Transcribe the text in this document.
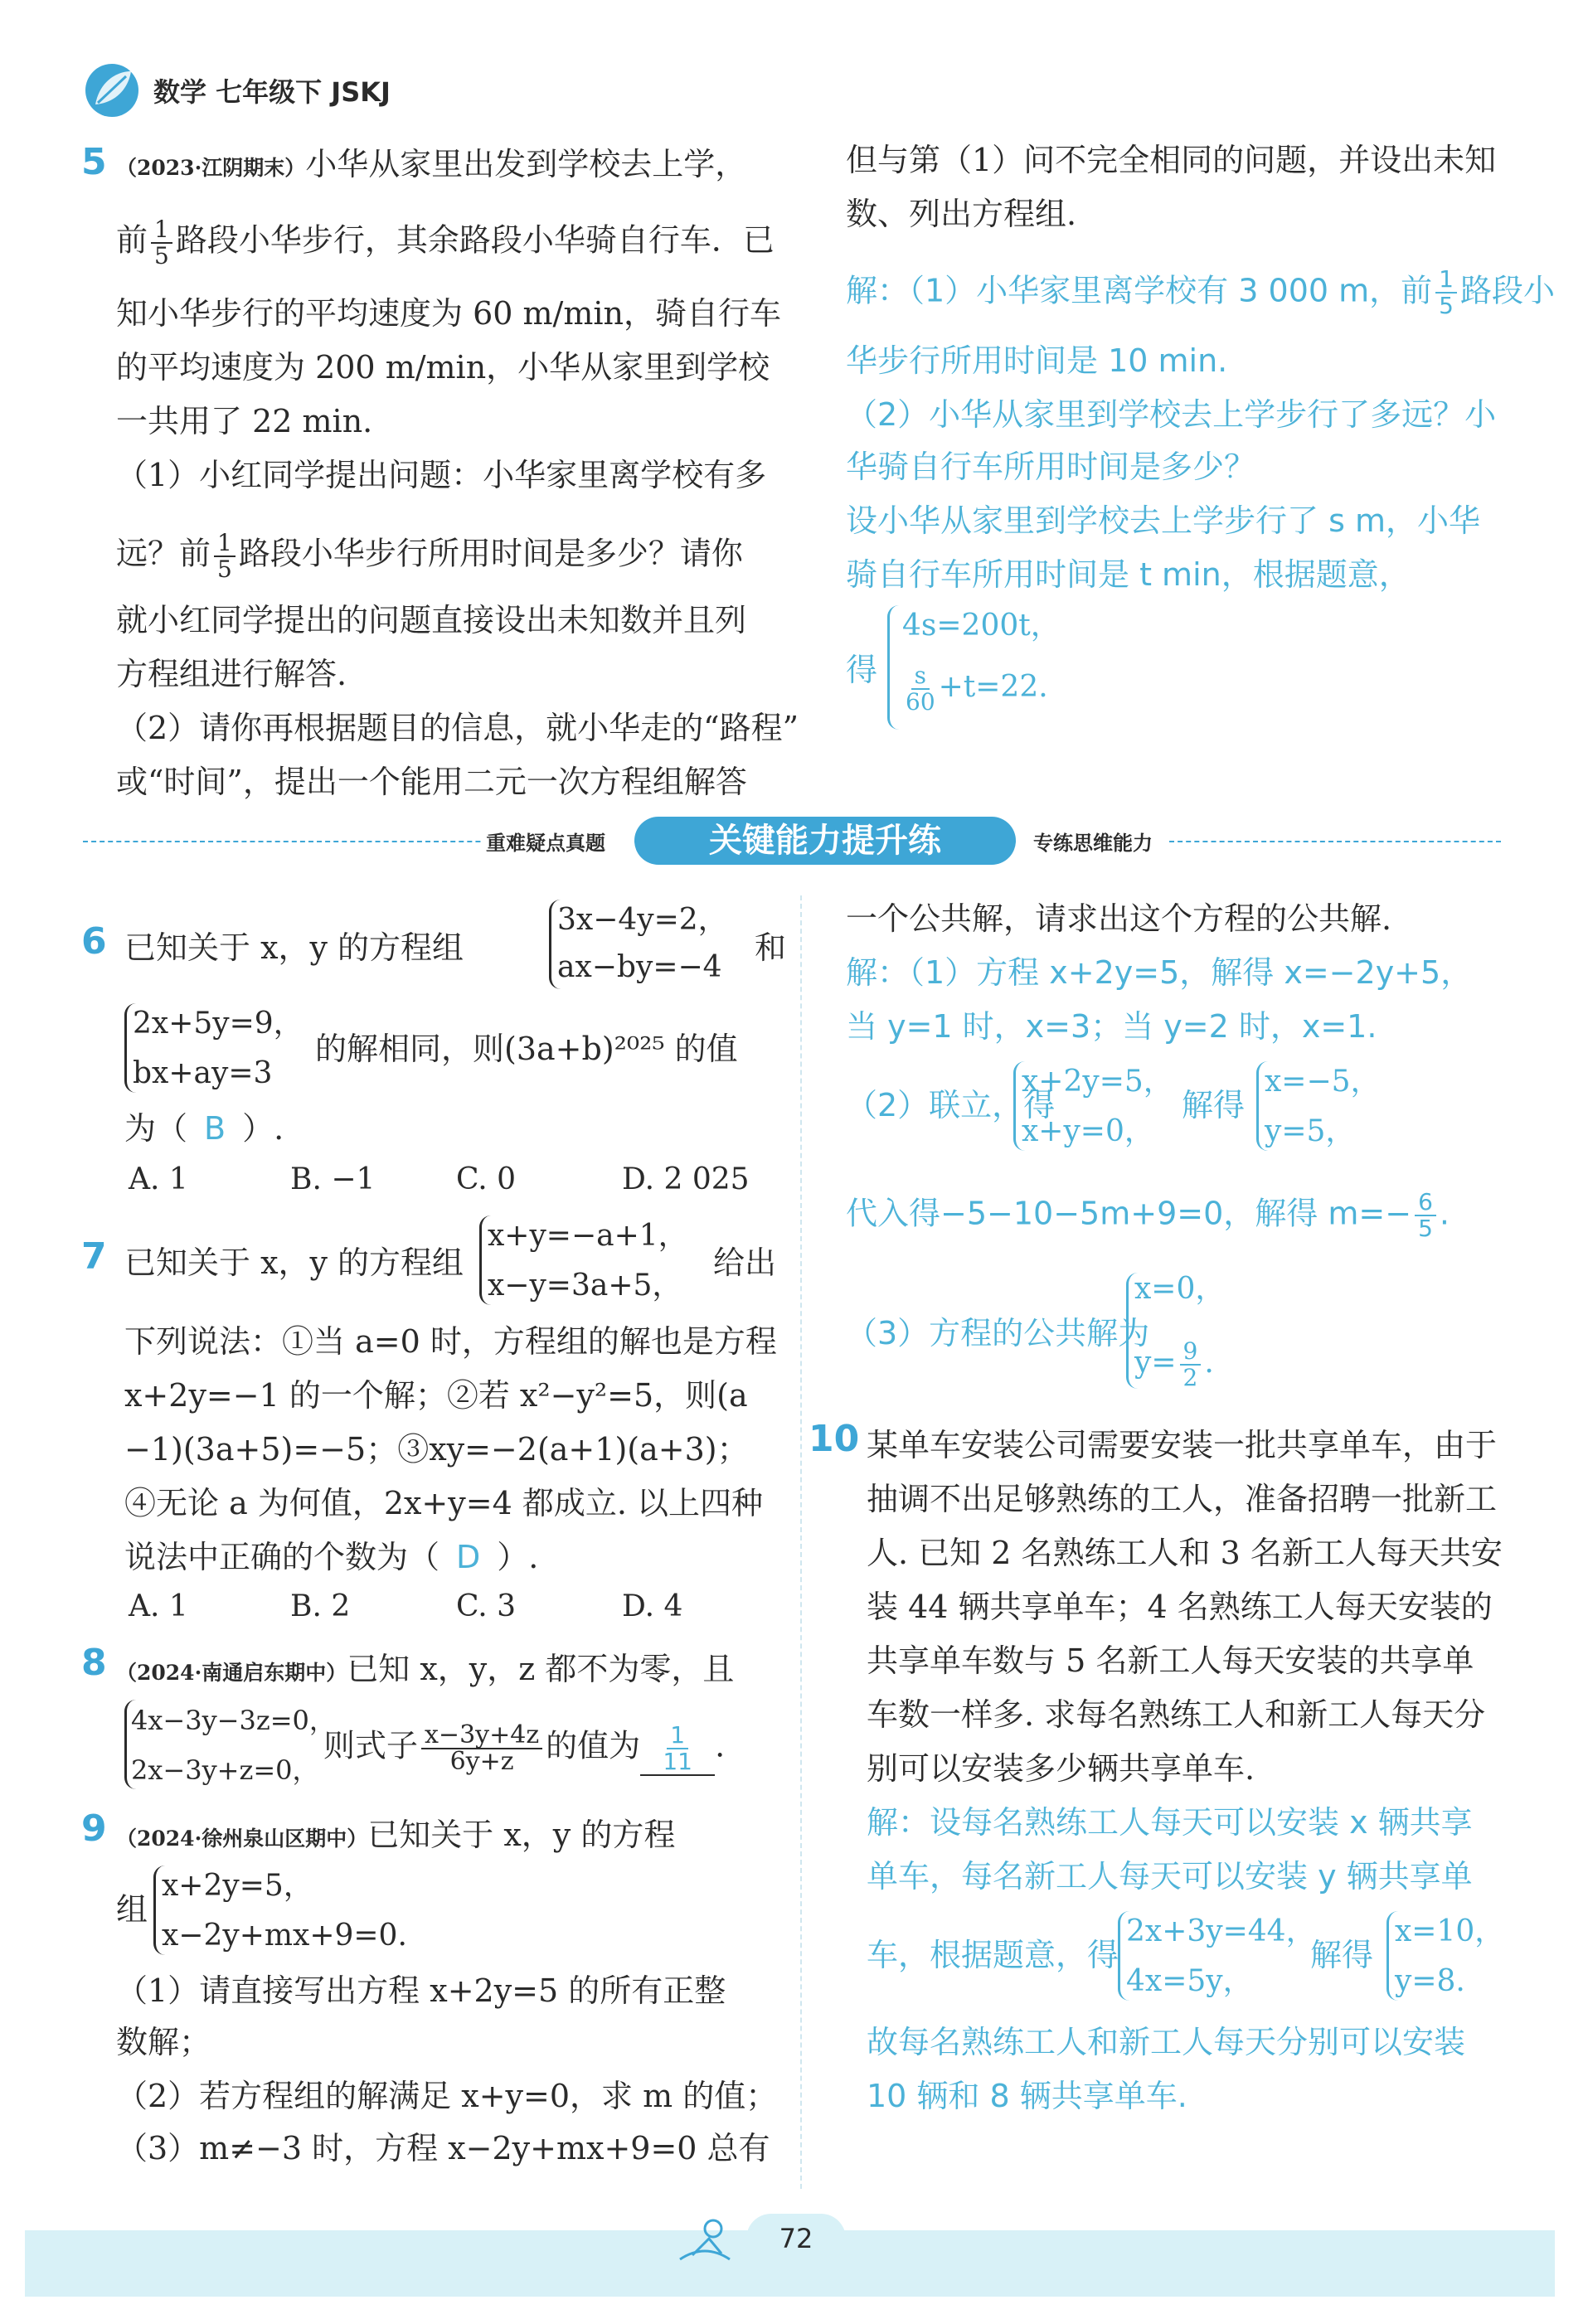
数学 七年级下 JSKJ
5 （2023·江阴期末）小华从家里出发到学校去上学，
前 $\frac{1}{5}$ 路段小华步行，其余路段小华骑自行车．已
知小华步行的平均速度为 60 m/min，骑自行车
的平均速度为 200 m/min，小华从家里到学校
一共用了 22 min.
（1）小红同学提出问题：小华家里离学校有多
远？前 $\frac{1}{5}$ 路段小华步行所用时间是多少？请你
就小红同学提出的问题直接设出未知数并且列
方程组进行解答.
（2）请你再根据题目的信息，就小华走的“路程”
或“时间”，提出一个能用二元一次方程组解答
但与第（1）问不完全相同的问题，并设出未知
数、列出方程组.
解：（1）小华家里离学校有 3 000 m，前 $\frac{1}{5}$ 路段小
华步行所用时间是 10 min.
（2）小华从家里到学校去上学步行了多远？小
华骑自行车所用时间是多少？
设小华从家里到学校去上学步行了 s m，小华
骑自行车所用时间是 t min，根据题意，
得
4s=200t，
$\frac{s}{60} +t=22$.
重难疑点真题	关键能力提升练	专练思维能力
6 已知关于 x，y 的方程组
3x−4y=2，
ax−by=−4
和
2x+5y=9，
bx+ay=3
的解相同，则(3a+b)²⁰²⁵ 的值
为（ B ）.
A. 1	B. −1	C. 0	D. 2 025
7 已知关于 x，y 的方程组
x+y=−a+1，
x−y=3a+5，
给出
下列说法：①当 a=0 时，方程组的解也是方程
x+2y=−1 的一个解；②若 x²−y²=5，则(a
−1)(3a+5)=−5；③xy=−2(a+1)(a+3)；
④无论 a 为何值，2x+y=4 都成立. 以上四种
说法中正确的个数为（ D ）.
A. 1	B. 2	C. 3	D. 4
8 （2024·南通启东期中）已知 x，y，z 都不为零，且
4x−3y−3z=0，
2x−3y+z=0，
则式子 $\frac{x-3y+4z}{6y+z}$ 的值为 $\frac{1}{11}$ .
9 （2024·徐州泉山区期中）已知关于 x，y 的方程
组
x+2y=5，
x−2y+mx+9=0.
（1）请直接写出方程 x+2y=5 的所有正整
数解；
（2）若方程组的解满足 x+y=0，求 m 的值；
（3）m≠−3 时，方程 x−2y+mx+9=0 总有
一个公共解，请求出这个方程的公共解.
解：（1）方程 x+2y=5，解得 x=−2y+5，
当 y=1 时，x=3；当 y=2 时，x=1.
（2）联立，得
x+2y=5，
x+y=0，
解得
x=−5，
y=5，
代入得−5−10−5m+9=0，解得 $m=- \frac{6}{5}$ .
（3）方程的公共解为
x=0，
$y= \frac{9}{2}$ .
10 某单车安装公司需要安装一批共享单车，由于
抽调不出足够熟练的工人，准备招聘一批新工
人. 已知 2 名熟练工人和 3 名新工人每天共安
装 44 辆共享单车；4 名熟练工人每天安装的
共享单车数与 5 名新工人每天安装的共享单
车数一样多. 求每名熟练工人和新工人每天分
别可以安装多少辆共享单车.
解：设每名熟练工人每天可以安装 x 辆共享
单车，每名新工人每天可以安装 y 辆共享单
车，根据题意，得
2x+3y=44，
4x=5y，
解得
x=10，
y=8.
故每名熟练工人和新工人每天分别可以安装
10 辆和 8 辆共享单车.
72
